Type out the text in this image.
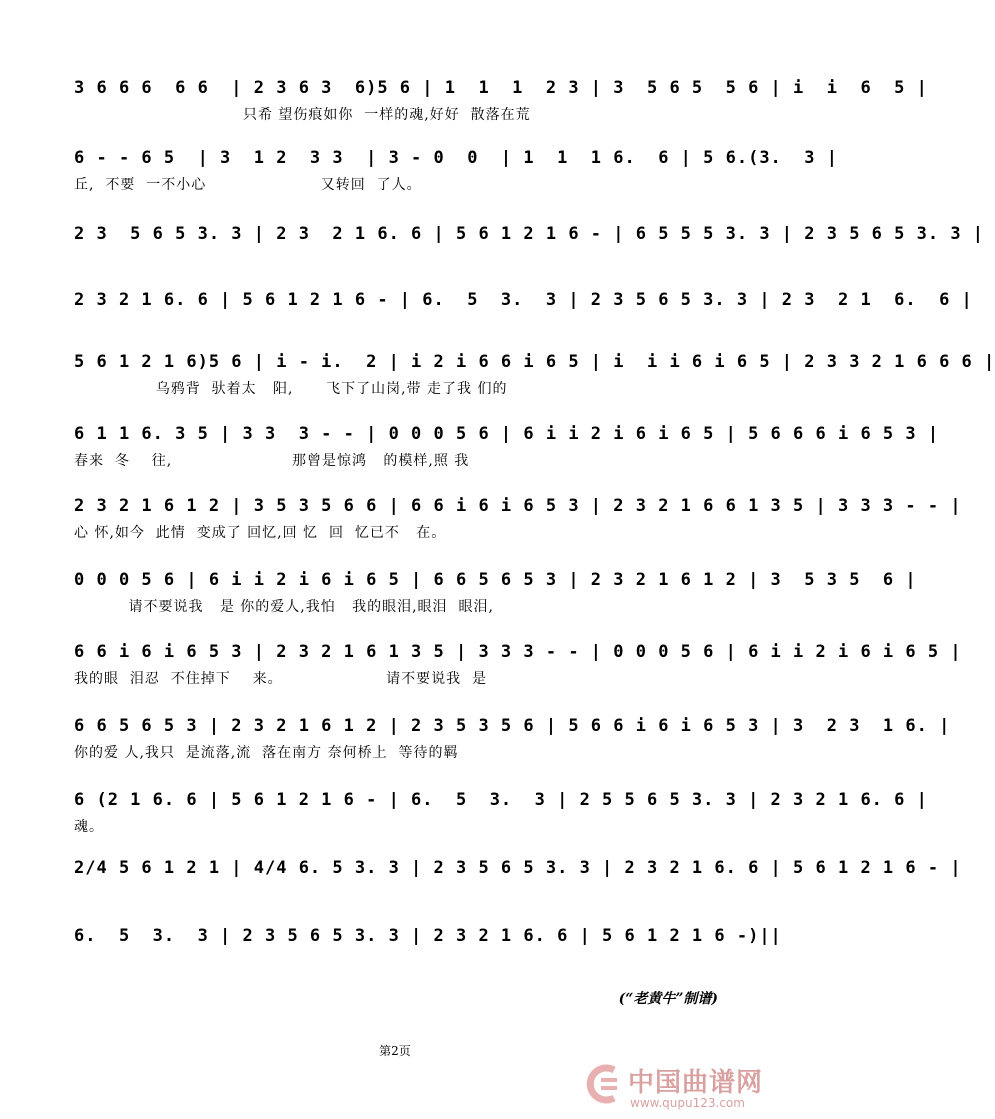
3 6 6 6  6 6  | 2 3 6 3  6)5 6 | 1  1  1  2 3 | 3  5 6 5  5 6 | i  i  6  5 |
只希 望伤痕如你  一样的魂,好好  散落在荒
6 - - 6 5  | 3  1 2  3 3  | 3 - 0  0  | 1  1  1 6.  6 | 5 6.(3.  3 |
丘,  不要  一不小心                     又转回  了人。
2 3  5 6 5 3. 3 | 2 3  2 1 6. 6 | 5 6 1 2 1 6 - | 6 5 5 5 3. 3 | 2 3 5 6 5 3. 3 |
2 3 2 1 6. 6 | 5 6 1 2 1 6 - | 6.  5  3.  3 | 2 3 5 6 5 3. 3 | 2 3  2 1  6.  6 |
5 6 1 2 1 6)5 6 | i - i.  2 | i 2 i 6 6 i 6 5 | i  i i 6 i 6 5 | 2 3 3 2 1 6 6 6 |
乌鸦背  驮着太   阳,      飞下了山岗,带 走了我 们的
6 1 1 6. 3 5 | 3 3  3 - - | 0 0 0 5 6 | 6 i i 2 i 6 i 6 5 | 5 6 6 6 i 6 5 3 |
春来  冬    往,                      那曾是惊鸿   的模样,照 我
2 3 2 1 6 1 2 | 3 5 3 5 6 6 | 6 6 i 6 i 6 5 3 | 2 3 2 1 6 6 1 3 5 | 3 3 3 - - |
心 怀,如今  此情  变成了 回忆,回 忆  回  忆已不   在。
0 0 0 5 6 | 6 i i 2 i 6 i 6 5 | 6 6 5 6 5 3 | 2 3 2 1 6 1 2 | 3  5 3 5  6 |
请不要说我   是 你的爱人,我怕   我的眼泪,眼泪  眼泪,
6 6 i 6 i 6 5 3 | 2 3 2 1 6 1 3 5 | 3 3 3 - - | 0 0 0 5 6 | 6 i i 2 i 6 i 6 5 |
我的眼  泪忍  不住掉下    来。                   请不要说我  是
6 6 5 6 5 3 | 2 3 2 1 6 1 2 | 2 3 5 3 5 6 | 5 6 6 i 6 i 6 5 3 | 3  2 3  1 6. |
你的爱 人,我只  是流落,流  落在南方 奈何桥上  等待的羁
6 (2 1 6. 6 | 5 6 1 2 1 6 - | 6.  5  3.  3 | 2 5 5 6 5 3. 3 | 2 3 2 1 6. 6 |
魂。
2/4 5 6 1 2 1 | 4/4 6. 5 3. 3 | 2 3 5 6 5 3. 3 | 2 3 2 1 6. 6 | 5 6 1 2 1 6 - |
6.  5  3.  3 | 2 3 5 6 5 3. 3 | 2 3 2 1 6. 6 | 5 6 1 2 1 6 -)||
(“老黄牛”制谱)
第2页
中国曲谱网
www.qupu123.com
